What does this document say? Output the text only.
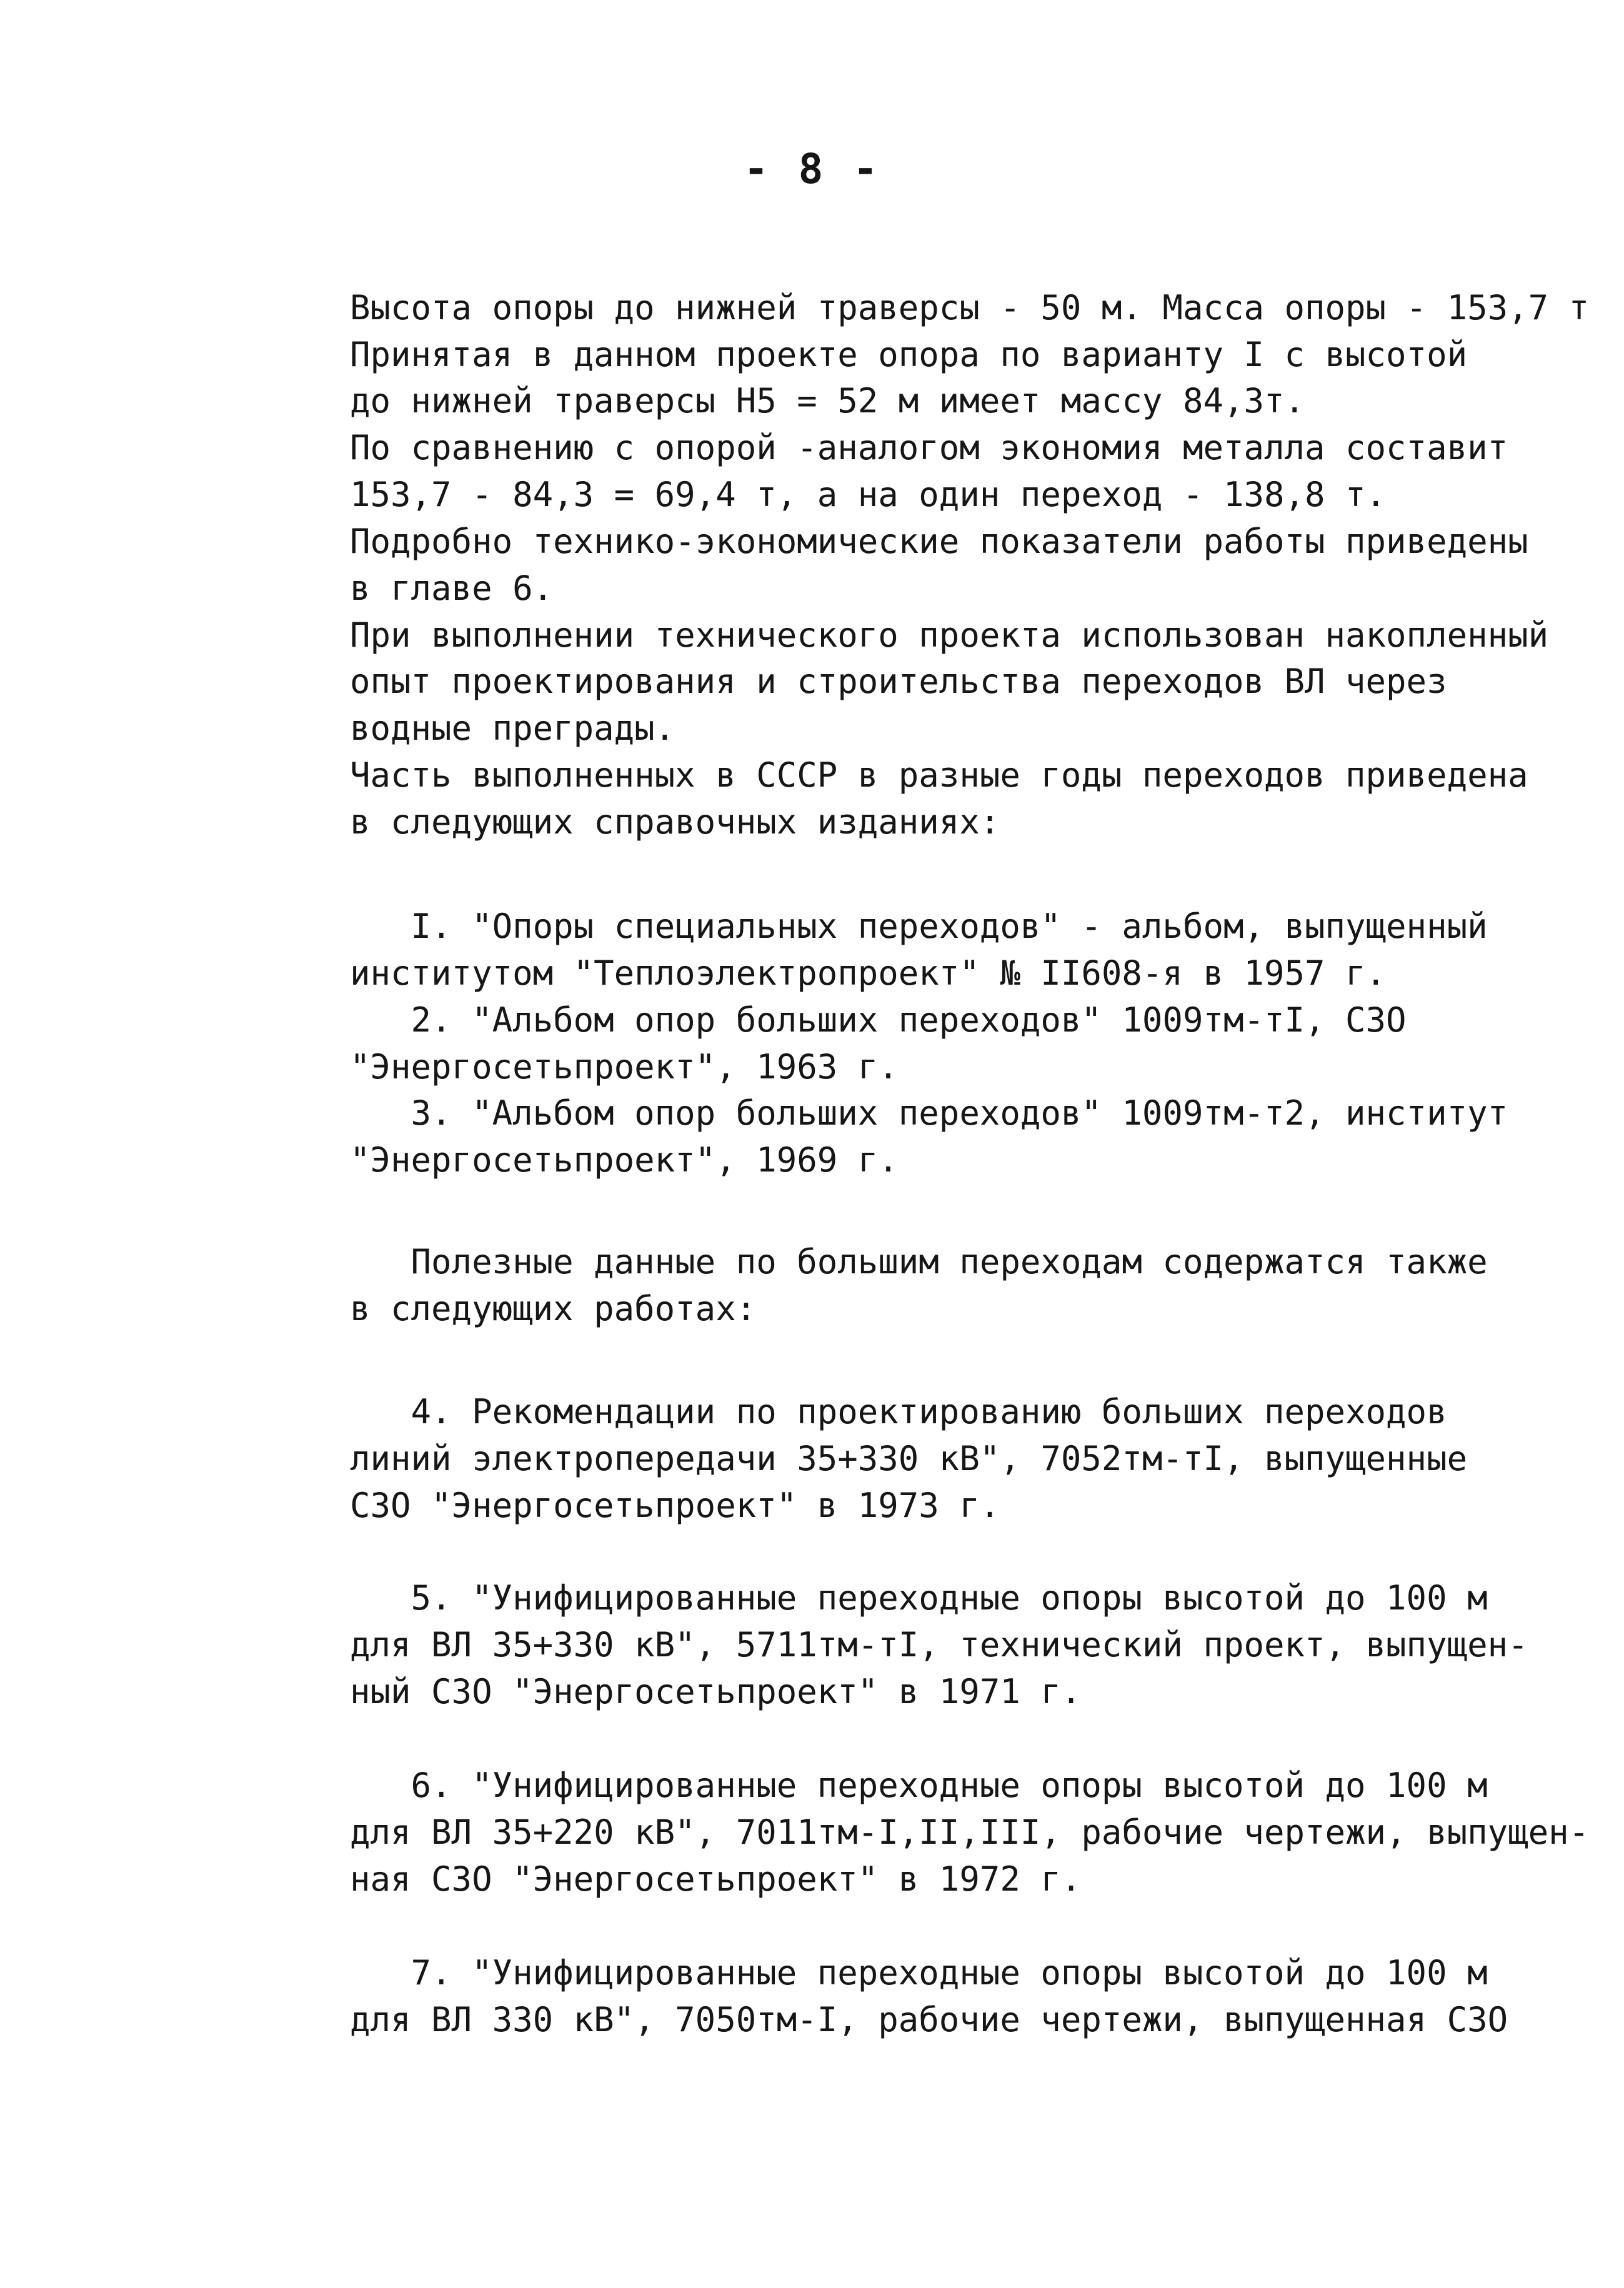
- 8 -
Высота опоры до нижней траверсы - 50 м. Масса опоры - 153,7 т
Принятая в данном проекте опора по варианту I с высотой
до нижней траверсы H5 = 52 м имеет массу 84,3т.
По сравнению с опорой -аналогом экономия металла составит
153,7 - 84,3 = 69,4 т, а на один переход - 138,8 т.
Подробно технико-экономические показатели работы приведены
в главе 6.
При выполнении технического проекта использован накопленный
опыт проектирования и строительства переходов ВЛ через
водные преграды.
Часть выполненных в СССР в разные годы переходов приведена
в следующих справочных изданиях:
I. "Опоры специальных переходов" - альбом, выпущенный
институтом "Теплоэлектропроект" № II608-я в 1957 г.
2. "Альбом опор больших переходов" 1009тм-тI, СЗО
"Энергосетьпроект", 1963 г.
3. "Альбом опор больших переходов" 1009тм-т2, институт
"Энергосетьпроект", 1969 г.
Полезные данные по большим переходам содержатся также
в следующих работах:
4. Рекомендации по проектированию больших переходов
линий электропередачи 35+330 кВ", 7052тм-тI, выпущенные
СЗО "Энергосетьпроект" в 1973 г.
5. "Унифицированные переходные опоры высотой до 100 м
для ВЛ 35+330 кВ", 5711тм-тI, технический проект, выпущен-
ный СЗО "Энергосетьпроект" в 1971 г.
6. "Унифицированные переходные опоры высотой до 100 м
для ВЛ 35+220 кВ", 7011тм-I,II,III, рабочие чертежи, выпущен-
ная СЗО "Энергосетьпроект" в 1972 г.
7. "Унифицированные переходные опоры высотой до 100 м
для ВЛ 330 кВ", 7050тм-I, рабочие чертежи, выпущенная СЗО
